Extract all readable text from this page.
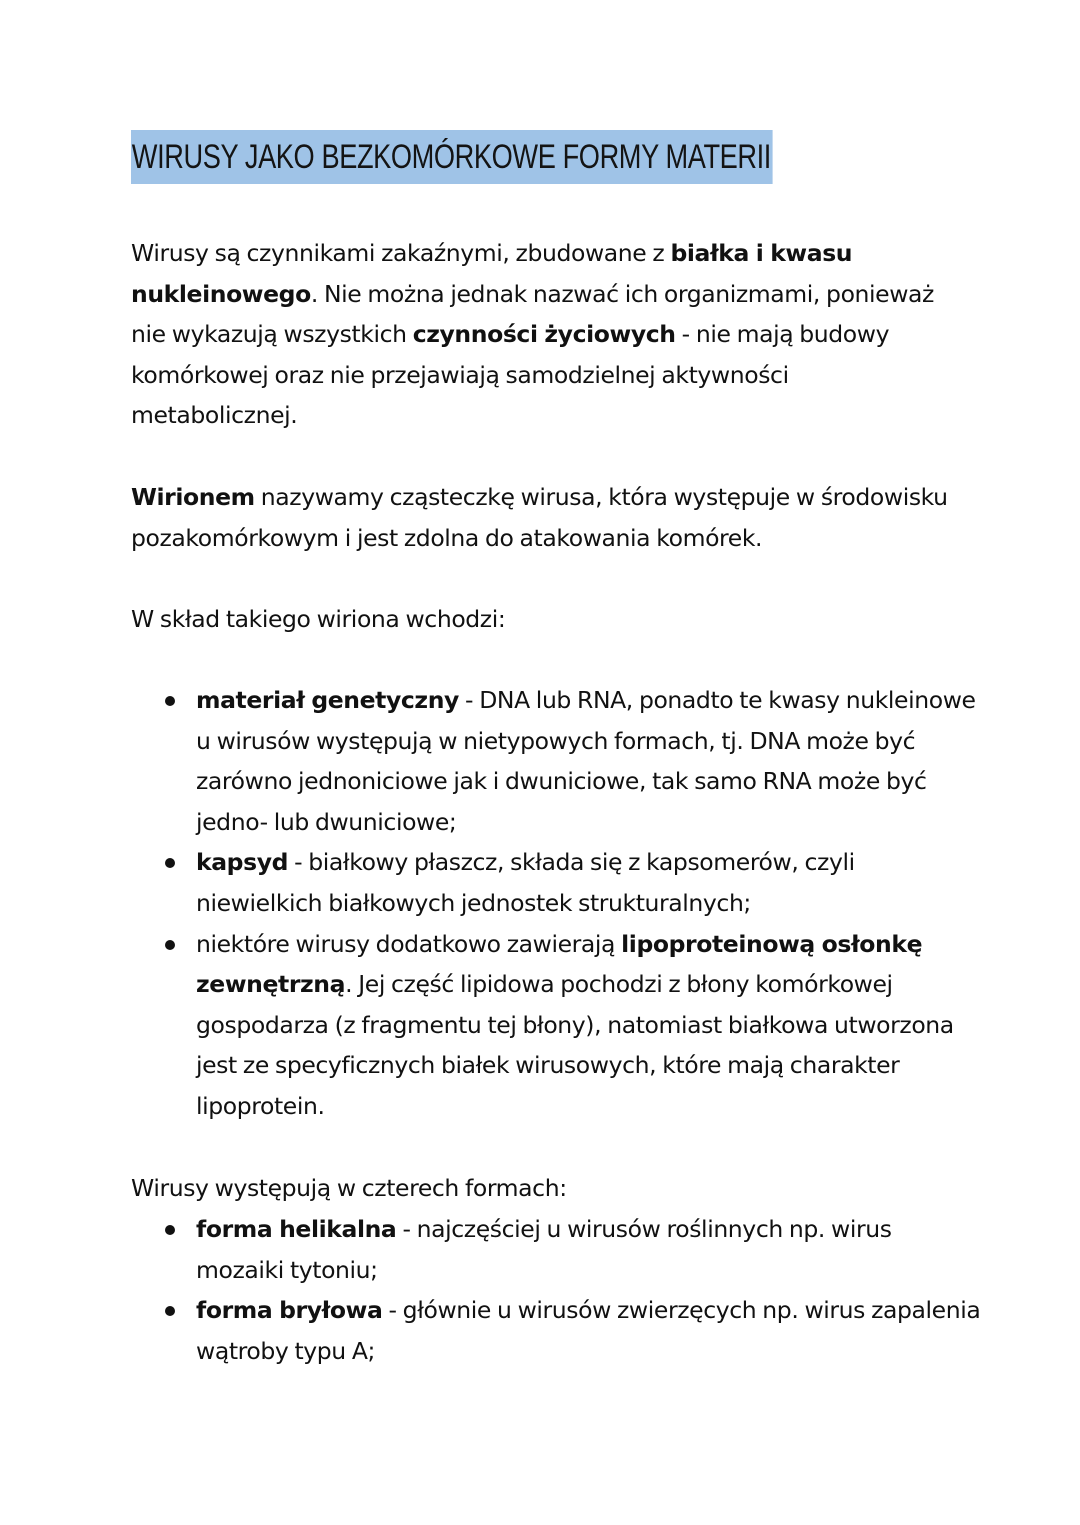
WIRUSY JAKO BEZKOMÓRKOWE FORMY MATERII
Wirusy są czynnikami zakaźnymi, zbudowane z białka i kwasu nukleinowego. Nie można jednak nazwać ich organizmami, ponieważ nie wykazują wszystkich czynności życiowych - nie mają budowy komórkowej oraz nie przejawiają samodzielnej aktywności metabolicznej.
Wirionem nazywamy cząsteczkę wirusa, która występuje w środowisku pozakomórkowym i jest zdolna do atakowania komórek.
W skład takiego wiriona wchodzi:
materiał genetyczny - DNA lub RNA, ponadto te kwasy nukleinowe u wirusów występują w nietypowych formach, tj. DNA może być zarówno jednoniciowe jak i dwuniciowe, tak samo RNA może być jedno- lub dwuniciowe;
kapsyd - białkowy płaszcz, składa się z kapsomerów, czyli niewielkich białkowych jednostek strukturalnych;
niektóre wirusy dodatkowo zawierają lipoproteinową osłonkę zewnętrzną. Jej część lipidowa pochodzi z błony komórkowej gospodarza (z fragmentu tej błony), natomiast białkowa utworzona jest ze specyficznych białek wirusowych, które mają charakter lipoprotein.
Wirusy występują w czterech formach:
forma helikalna - najczęściej u wirusów roślinnych np. wirus mozaiki tytoniu;
forma bryłowa - głównie u wirusów zwierzęcych np. wirus zapalenia wątroby typu A;
